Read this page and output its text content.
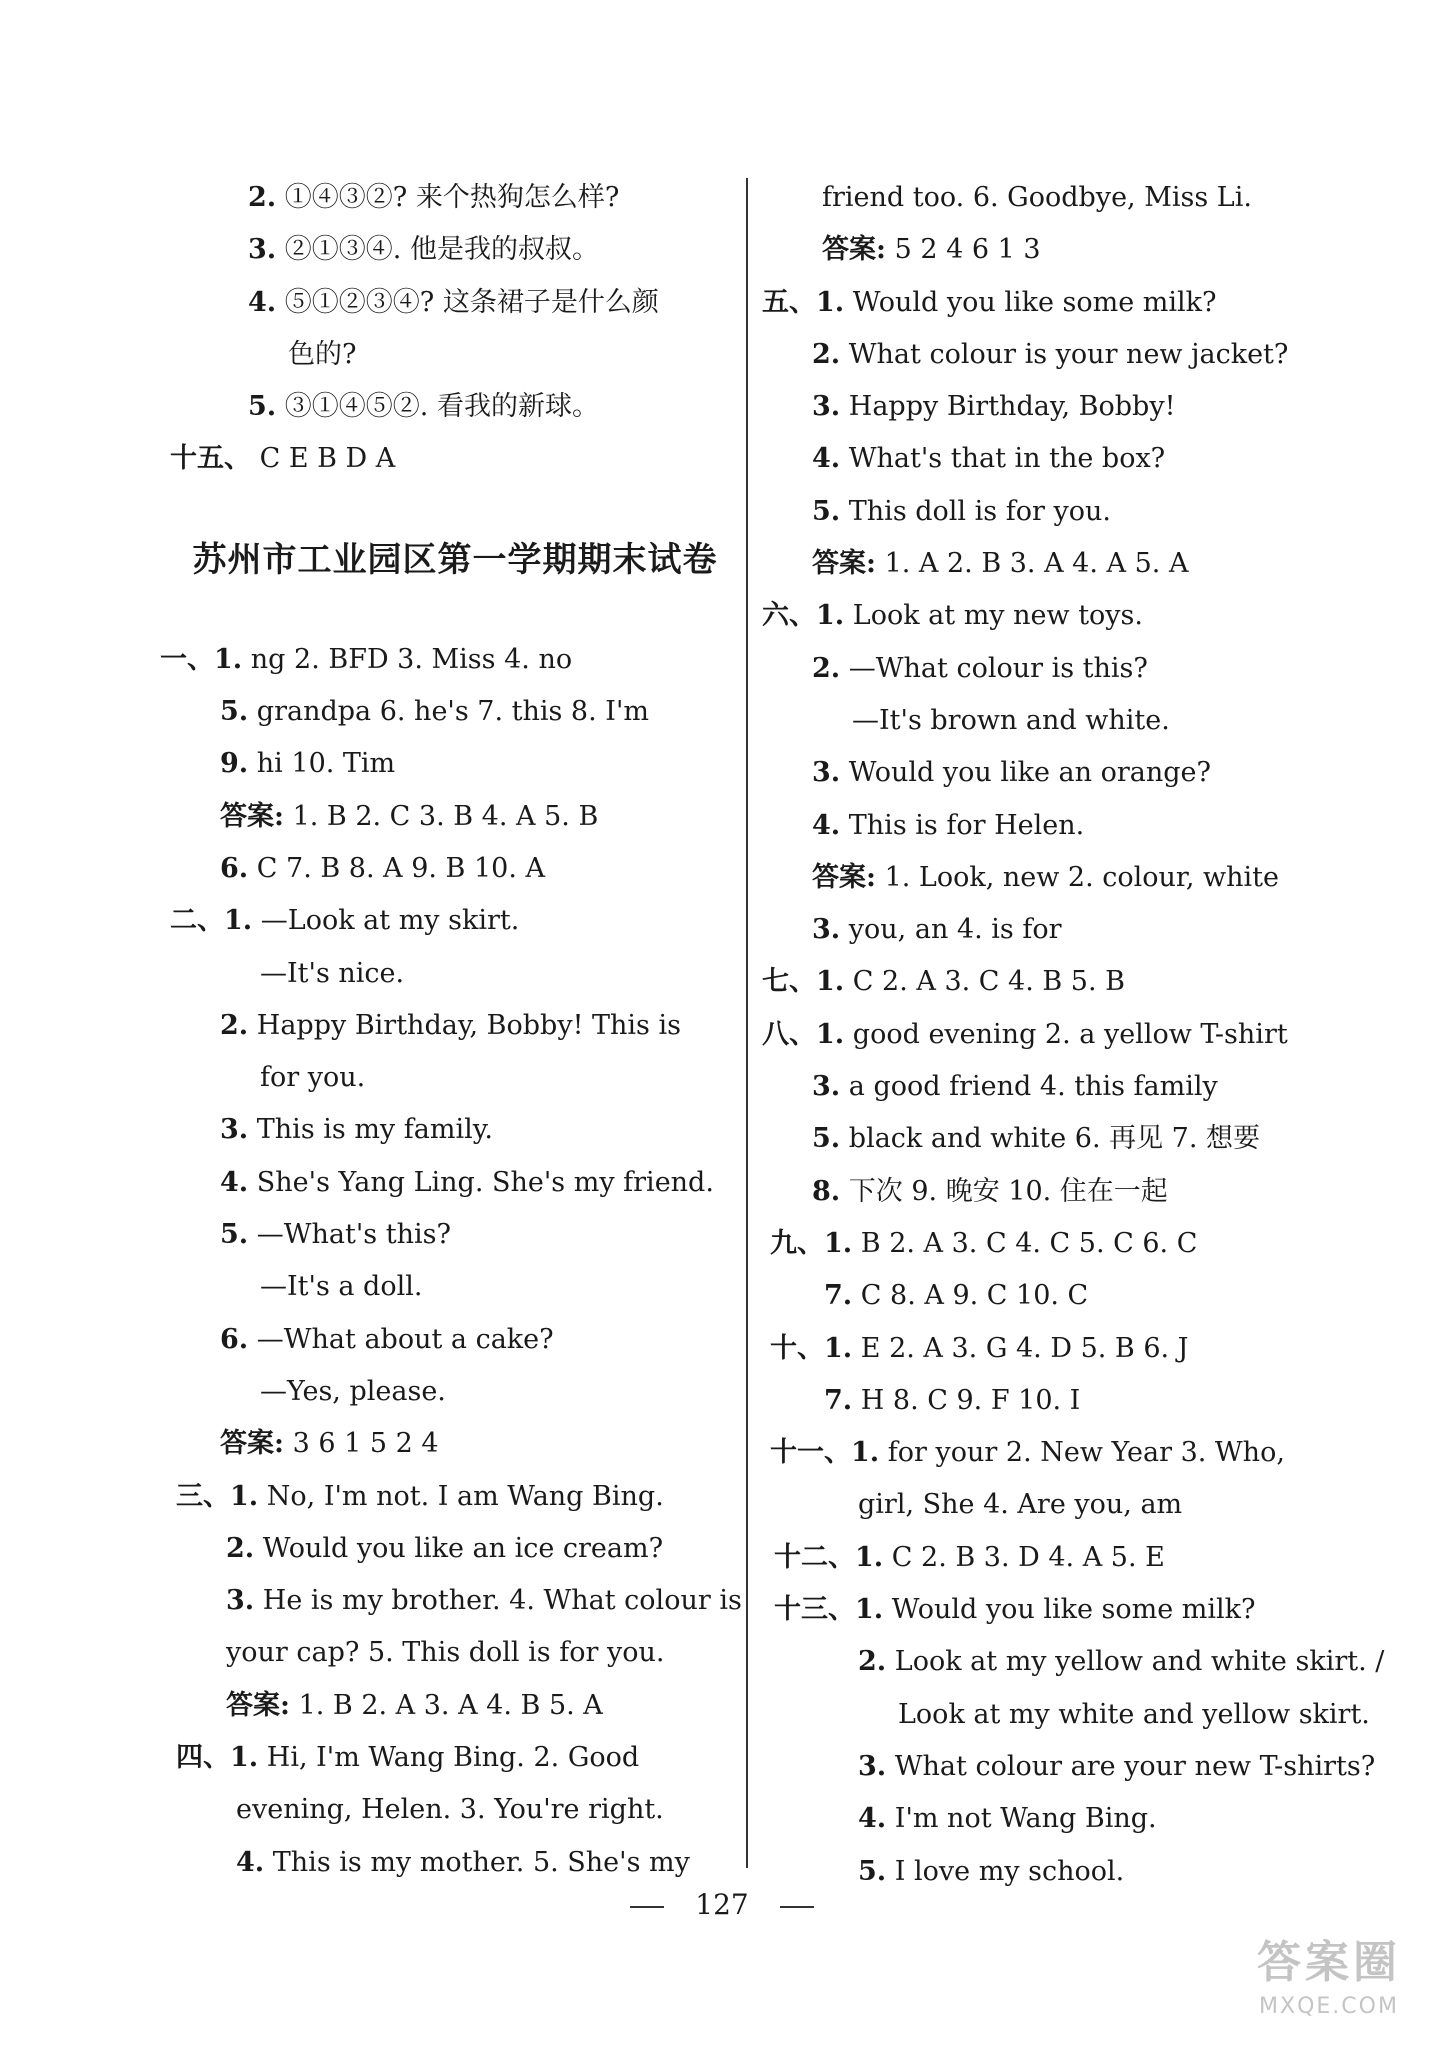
2. ①④③②? 来个热狗怎么样?
3. ②①③④. 他是我的叔叔。
4. ⑤①②③④? 这条裙子是什么颜
色的?
5. ③①④⑤②. 看我的新球。
十五、 C E B D A
苏州市工业园区第一学期期末试卷
一、1. ng 2. BFD 3. Miss 4. no
5. grandpa 6. he's 7. this 8. I'm
9. hi 10. Tim
答案: 1. B 2. C 3. B 4. A 5. B
6. C 7. B 8. A 9. B 10. A
二、1. —Look at my skirt.
—It's nice.
2. Happy Birthday, Bobby! This is
for you.
3. This is my family.
4. She's Yang Ling. She's my friend.
5. —What's this?
—It's a doll.
6. —What about a cake?
—Yes, please.
答案: 3 6 1 5 2 4
三、1. No, I'm not. I am Wang Bing.
2. Would you like an ice cream?
3. He is my brother. 4. What colour is
your cap? 5. This doll is for you.
答案: 1. B 2. A 3. A 4. B 5. A
四、1. Hi, I'm Wang Bing. 2. Good
evening, Helen. 3. You're right.
4. This is my mother. 5. She's my
friend too. 6. Goodbye, Miss Li.
答案: 5 2 4 6 1 3
五、1. Would you like some milk?
2. What colour is your new jacket?
3. Happy Birthday, Bobby!
4. What's that in the box?
5. This doll is for you.
答案: 1. A 2. B 3. A 4. A 5. A
六、1. Look at my new toys.
2. —What colour is this?
—It's brown and white.
3. Would you like an orange?
4. This is for Helen.
答案: 1. Look, new 2. colour, white
3. you, an 4. is for
七、1. C 2. A 3. C 4. B 5. B
八、1. good evening 2. a yellow T-shirt
3. a good friend 4. this family
5. black and white 6. 再见 7. 想要
8. 下次 9. 晚安 10. 住在一起
九、1. B 2. A 3. C 4. C 5. C 6. C
7. C 8. A 9. C 10. C
十、1. E 2. A 3. G 4. D 5. B 6. J
7. H 8. C 9. F 10. I
十一、1. for your 2. New Year 3. Who,
girl, She 4. Are you, am
十二、1. C 2. B 3. D 4. A 5. E
十三、1. Would you like some milk?
2. Look at my yellow and white skirt. /
Look at my white and yellow skirt.
3. What colour are your new T-shirts?
4. I'm not Wang Bing.
5. I love my school.
127
答案圈
MXQE.COM
